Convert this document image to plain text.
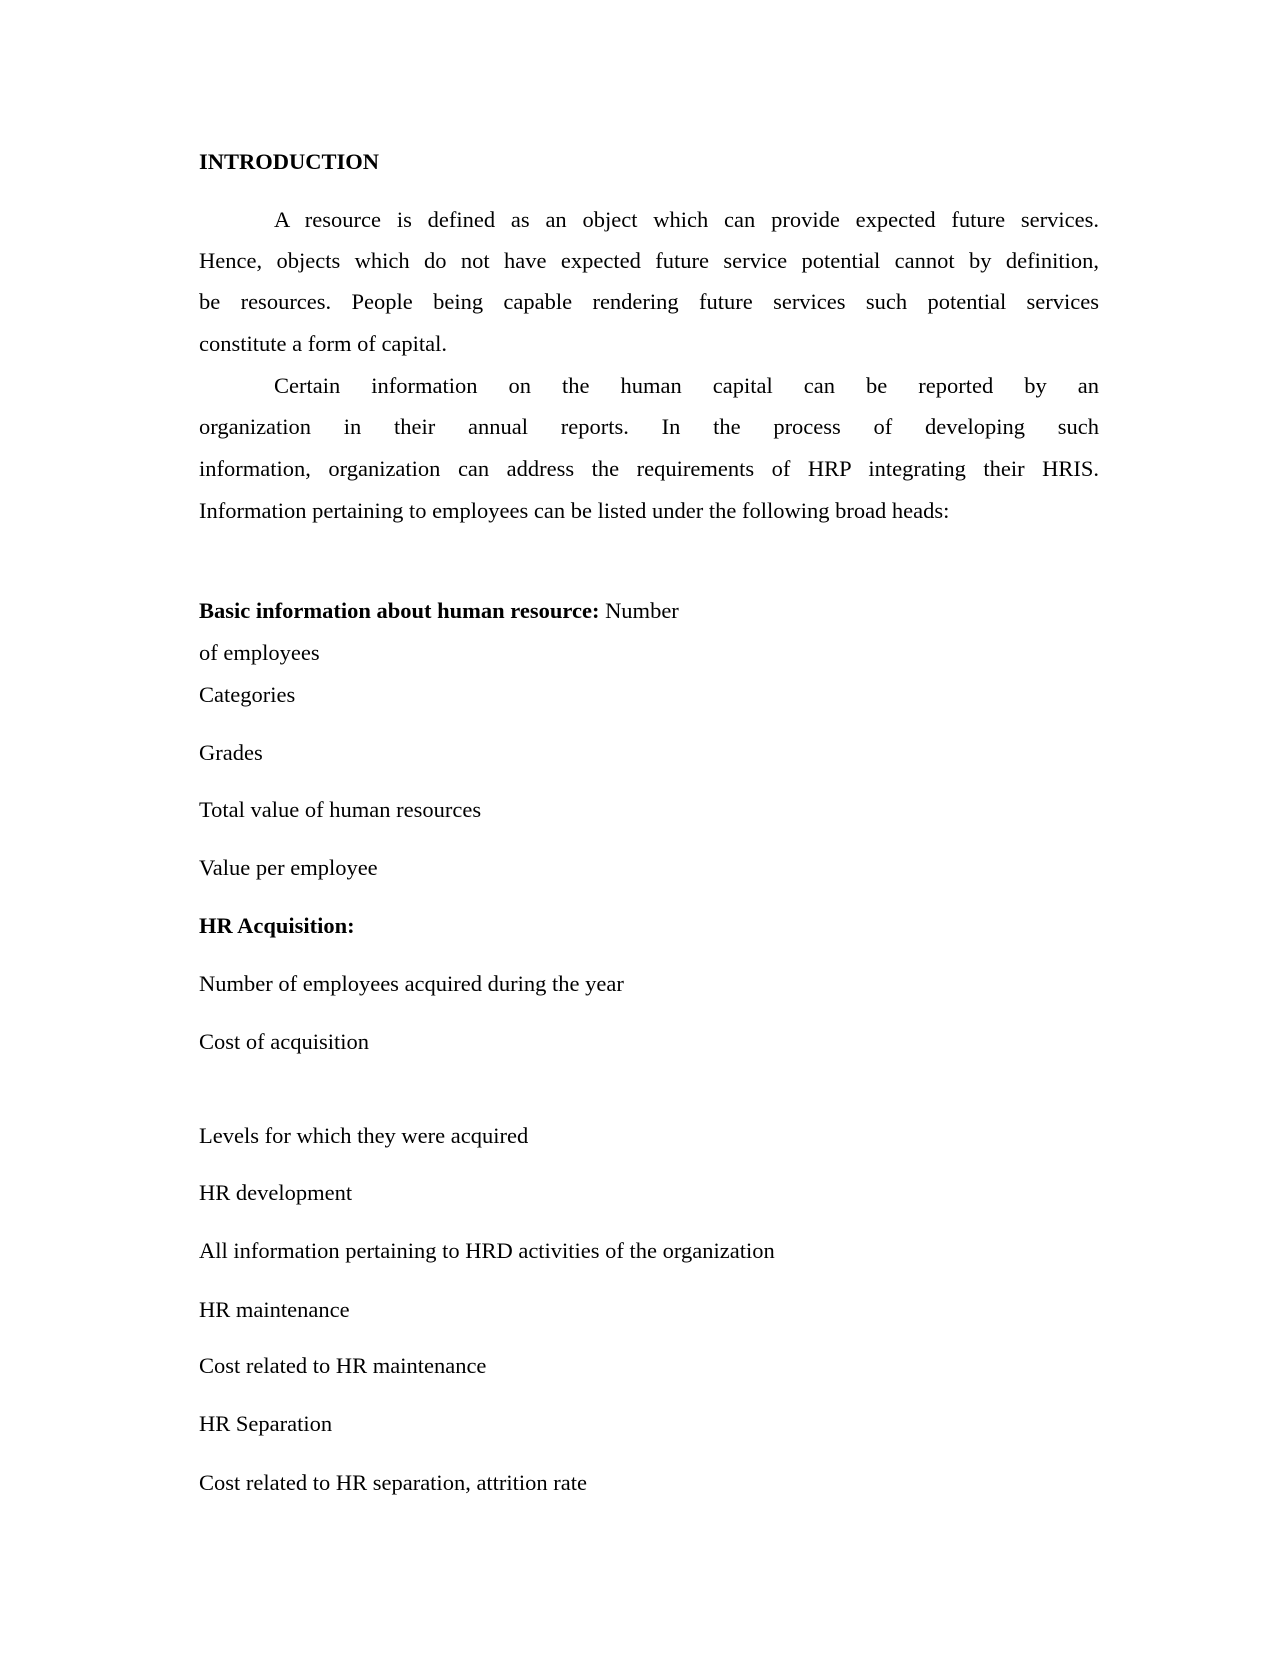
INTRODUCTION
A resource is defined as an object which can provide expected future services.
Hence, objects which do not have expected future service potential cannot by definition,
be resources. People being capable rendering future services such potential services
constitute a form of capital.
Certain information on the human capital can be reported by an
organization in their annual reports. In the process of developing such
information, organization can address the requirements of HRP integrating their HRIS.
Information pertaining to employees can be listed under the following broad heads:
Basic information about human resource: Number
of employees
Categories
Grades
Total value of human resources
Value per employee
HR Acquisition:
Number of employees acquired during the year
Cost of acquisition
Levels for which they were acquired
HR development
All information pertaining to HRD activities of the organization
HR maintenance
Cost related to HR maintenance
HR Separation
Cost related to HR separation, attrition rate
